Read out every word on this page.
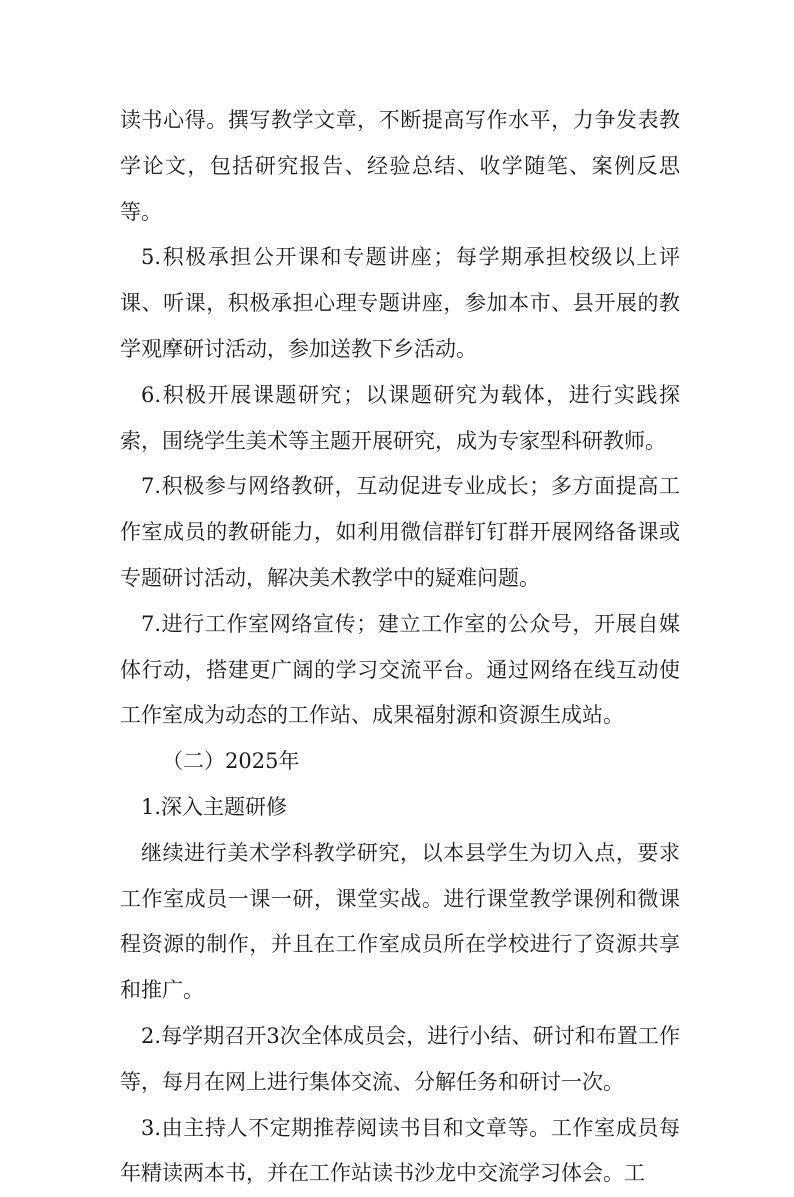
读书心得。撰写教学文章，不断提高写作水平，力争发表教学论文，包括研究报告、经验总结、收学随笔、案例反思等。

5.积极承担公开课和专题讲座；每学期承担校级以上评课、听课，积极承担心理专题讲座，参加本市、县开展的教学观摩研讨活动，参加送教下乡活动。

6.积极开展课题研究；以课题研究为载体，进行实践探索，围绕学生美术等主题开展研究，成为专家型科研教师。

7.积极参与网络教研，互动促进专业成长；多方面提高工作室成员的教研能力，如利用微信群钉钉群开展网络备课或专题研讨活动，解决美术教学中的疑难问题。

7.进行工作室网络宣传；建立工作室的公众号，开展自媒体行动，搭建更广阔的学习交流平台。通过网络在线互动使工作室成为动态的工作站、成果福射源和资源生成站。

（二）2025年

1.深入主题研修

继续进行美术学科教学研究，以本县学生为切入点，要求工作室成员一课一研，课堂实战。进行课堂教学课例和微课程资源的制作，并且在工作室成员所在学校进行了资源共享和推广。

2.每学期召开3次全体成员会，进行小结、研讨和布置工作等，每月在网上进行集体交流、分解任务和研讨一次。

3.由主持人不定期推荐阅读书目和文章等。工作室成员每年精读两本书，并在工作站读书沙龙中交流学习体会。工
